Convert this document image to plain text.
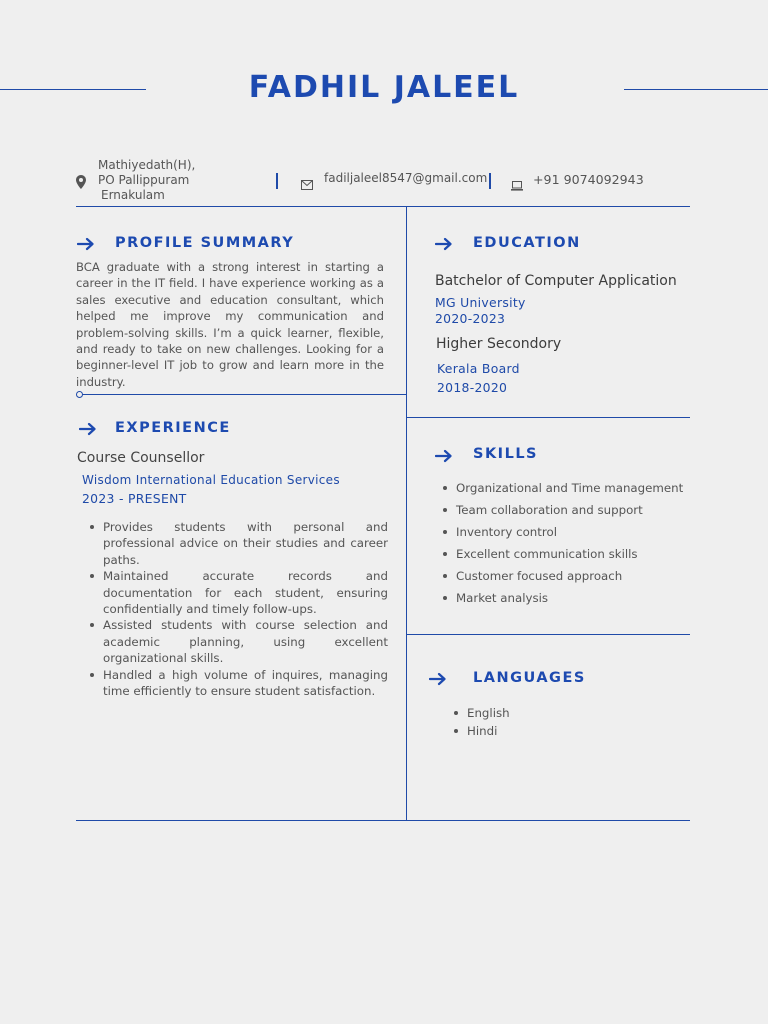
FADHIL JALEEL
Mathiyedath(H),
PO Pallippuram
Ernakulam
fadiljaleel8547@gmail.com	+91 9074092943
PROFILE SUMMARY
BCA graduate with a strong interest in starting a career in the IT field. I have experience working as a sales executive and education consultant, which helped me improve my communication and problem-solving skills. I’m a quick learner, flexible, and ready to take on new challenges. Looking for a beginner-level IT job to grow and learn more in the industry.
EXPERIENCE
Course Counsellor
Wisdom International Education Services
2023 - PRESENT
Provides students with personal and professional advice on their studies and career paths.
Maintained accurate records and documentation for each student, ensuring confidentially and timely follow-ups.
Assisted students with course selection and academic planning, using excellent organizational skills.
Handled a high volume of inquires, managing time efficiently to ensure student satisfaction.
EDUCATION
Batchelor of Computer Application
MG University
2020-2023
Higher Secondory
Kerala Board
2018-2020
SKILLS
Organizational and Time management
Team collaboration and support
Inventory control
Excellent communication skills
Customer focused approach
Market analysis
LANGUAGES
English
Hindi
